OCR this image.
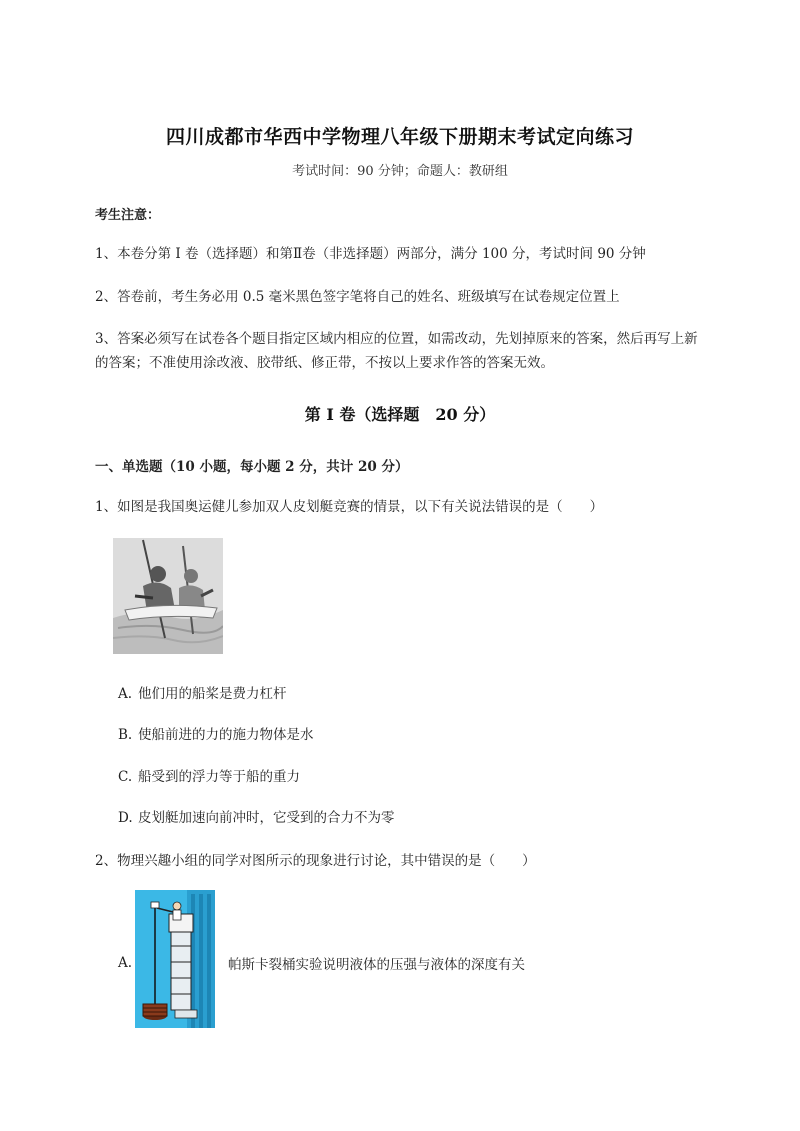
四川成都市华西中学物理八年级下册期末考试定向练习
考试时间：90 分钟；命题人：教研组
考生注意：
1、本卷分第 I 卷（选择题）和第Ⅱ卷（非选择题）两部分，满分 100 分，考试时间 90 分钟
2、答卷前，考生务必用 0.5 毫米黑色签字笔将自己的姓名、班级填写在试卷规定位置上
3、答案必须写在试卷各个题目指定区域内相应的位置，如需改动，先划掉原来的答案，然后再写上新的答案；不准使用涂改液、胶带纸、修正带，不按以上要求作答的答案无效。
第 I 卷（选择题　20 分）
一、单选题（10 小题，每小题 2 分，共计 20 分）
1、如图是我国奥运健儿参加双人皮划艇竞赛的情景，以下有关说法错误的是（　　）
A. 他们用的船桨是费力杠杆
B. 使船前进的力的施力物体是水
C. 船受到的浮力等于船的重力
D. 皮划艇加速向前冲时，它受到的合力不为零
2、物理兴趣小组的同学对图所示的现象进行讨论，其中错误的是（　　）
A.	帕斯卡裂桶实验说明液体的压强与液体的深度有关
